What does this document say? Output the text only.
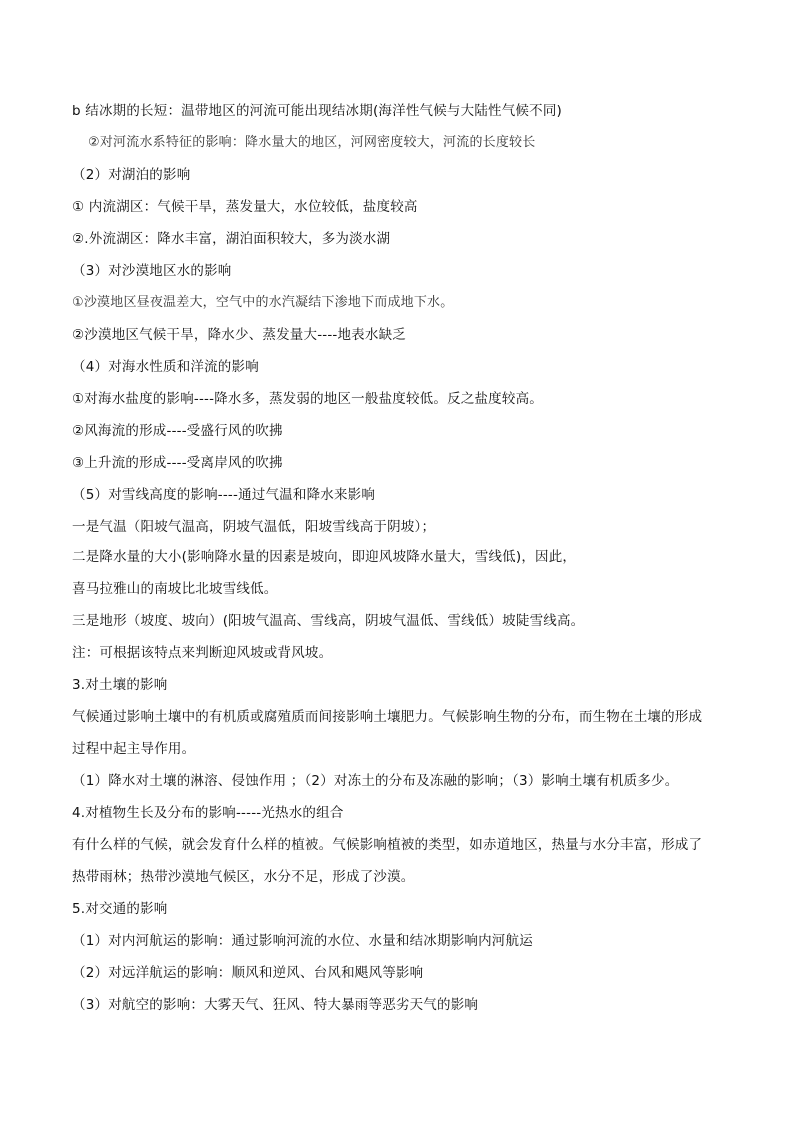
b 结冰期的长短：温带地区的河流可能出现结冰期(海洋性气候与大陆性气候不同)
②对河流水系特征的影响：降水量大的地区，河网密度较大，河流的长度较长
（2）对湖泊的影响
① 内流湖区：气候干旱，蒸发量大，水位较低，盐度较高
②.外流湖区：降水丰富，湖泊面积较大，多为淡水湖
（3）对沙漠地区水的影响
①沙漠地区昼夜温差大，空气中的水汽凝结下渗地下而成地下水。
②沙漠地区气候干旱，降水少、蒸发量大----地表水缺乏
（4）对海水性质和洋流的影响
①对海水盐度的影响----降水多，蒸发弱的地区一般盐度较低。反之盐度较高。
②风海流的形成----受盛行风的吹拂
③上升流的形成----受离岸风的吹拂
（5）对雪线高度的影响----通过气温和降水来影响
一是气温（阳坡气温高，阴坡气温低，阳坡雪线高于阴坡）；
二是降水量的大小(影响降水量的因素是坡向，即迎风坡降水量大，雪线低)，因此，
喜马拉雅山的南坡比北坡雪线低。
三是地形（坡度、坡向）(阳坡气温高、雪线高，阴坡气温低、雪线低）坡陡雪线高。
注：可根据该特点来判断迎风坡或背风坡。
3.对土壤的影响
气候通过影响土壤中的有机质或腐殖质而间接影响土壤肥力。气候影响生物的分布，而生物在土壤的形成
过程中起主导作用。
（1）降水对土壤的淋溶、侵蚀作用 ；（2）对冻土的分布及冻融的影响；（3）影响土壤有机质多少。
4.对植物生长及分布的影响-----光热水的组合
有什么样的气候，就会发育什么样的植被。气候影响植被的类型，如赤道地区，热量与水分丰富，形成了
热带雨林；热带沙漠地气候区，水分不足，形成了沙漠。
5.对交通的影响
（1）对内河航运的影响：通过影响河流的水位、水量和结冰期影响内河航运
（2）对远洋航运的影响：顺风和逆风、台风和飓风等影响
（3）对航空的影响：大雾天气、狂风、特大暴雨等恶劣天气的影响
